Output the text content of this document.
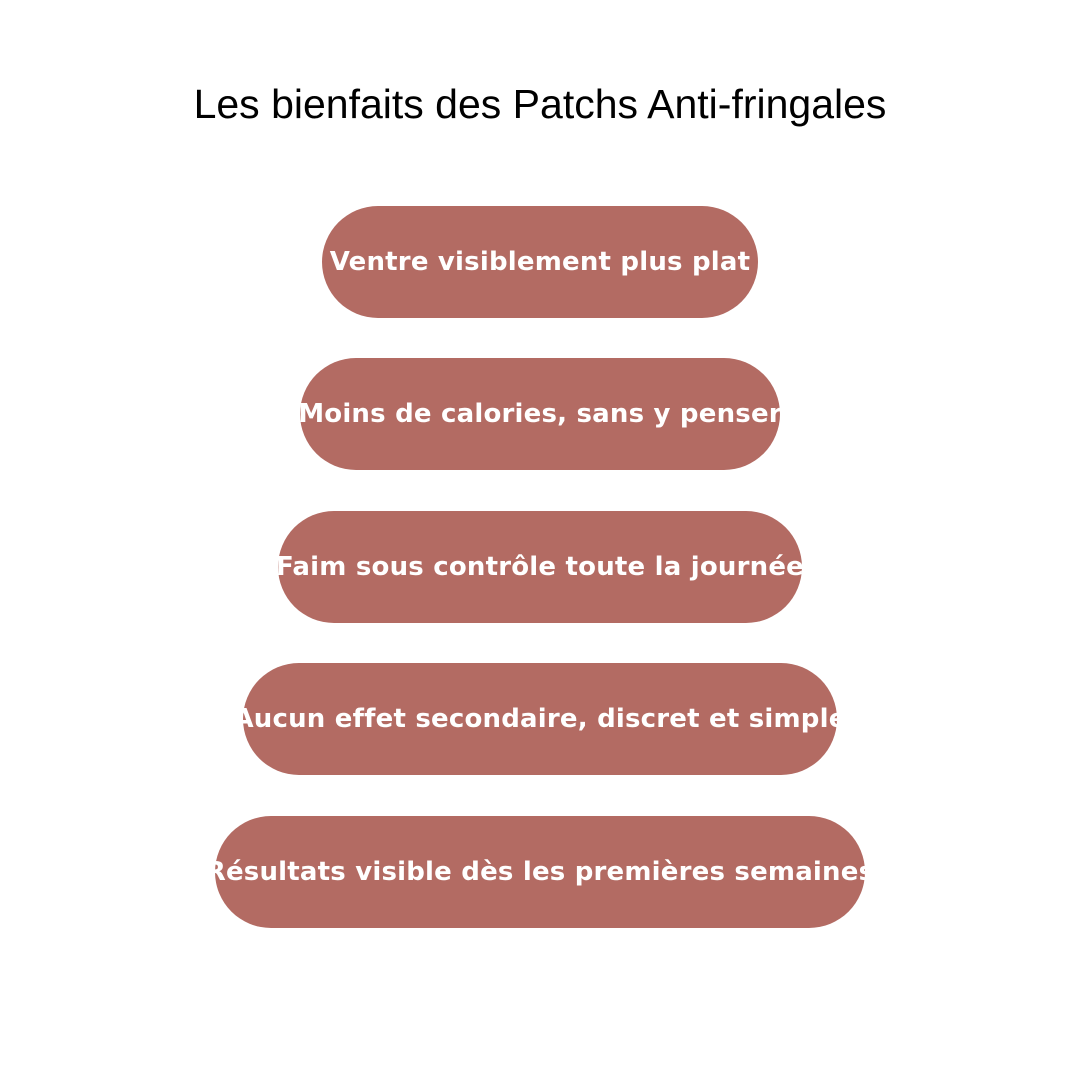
Les bienfaits des Patchs Anti-fringales
Ventre visiblement plus plat
Moins de calories, sans y penser
Faim sous contrôle toute la journée
Aucun effet secondaire, discret et simple
Résultats visible dès les premières semaines
